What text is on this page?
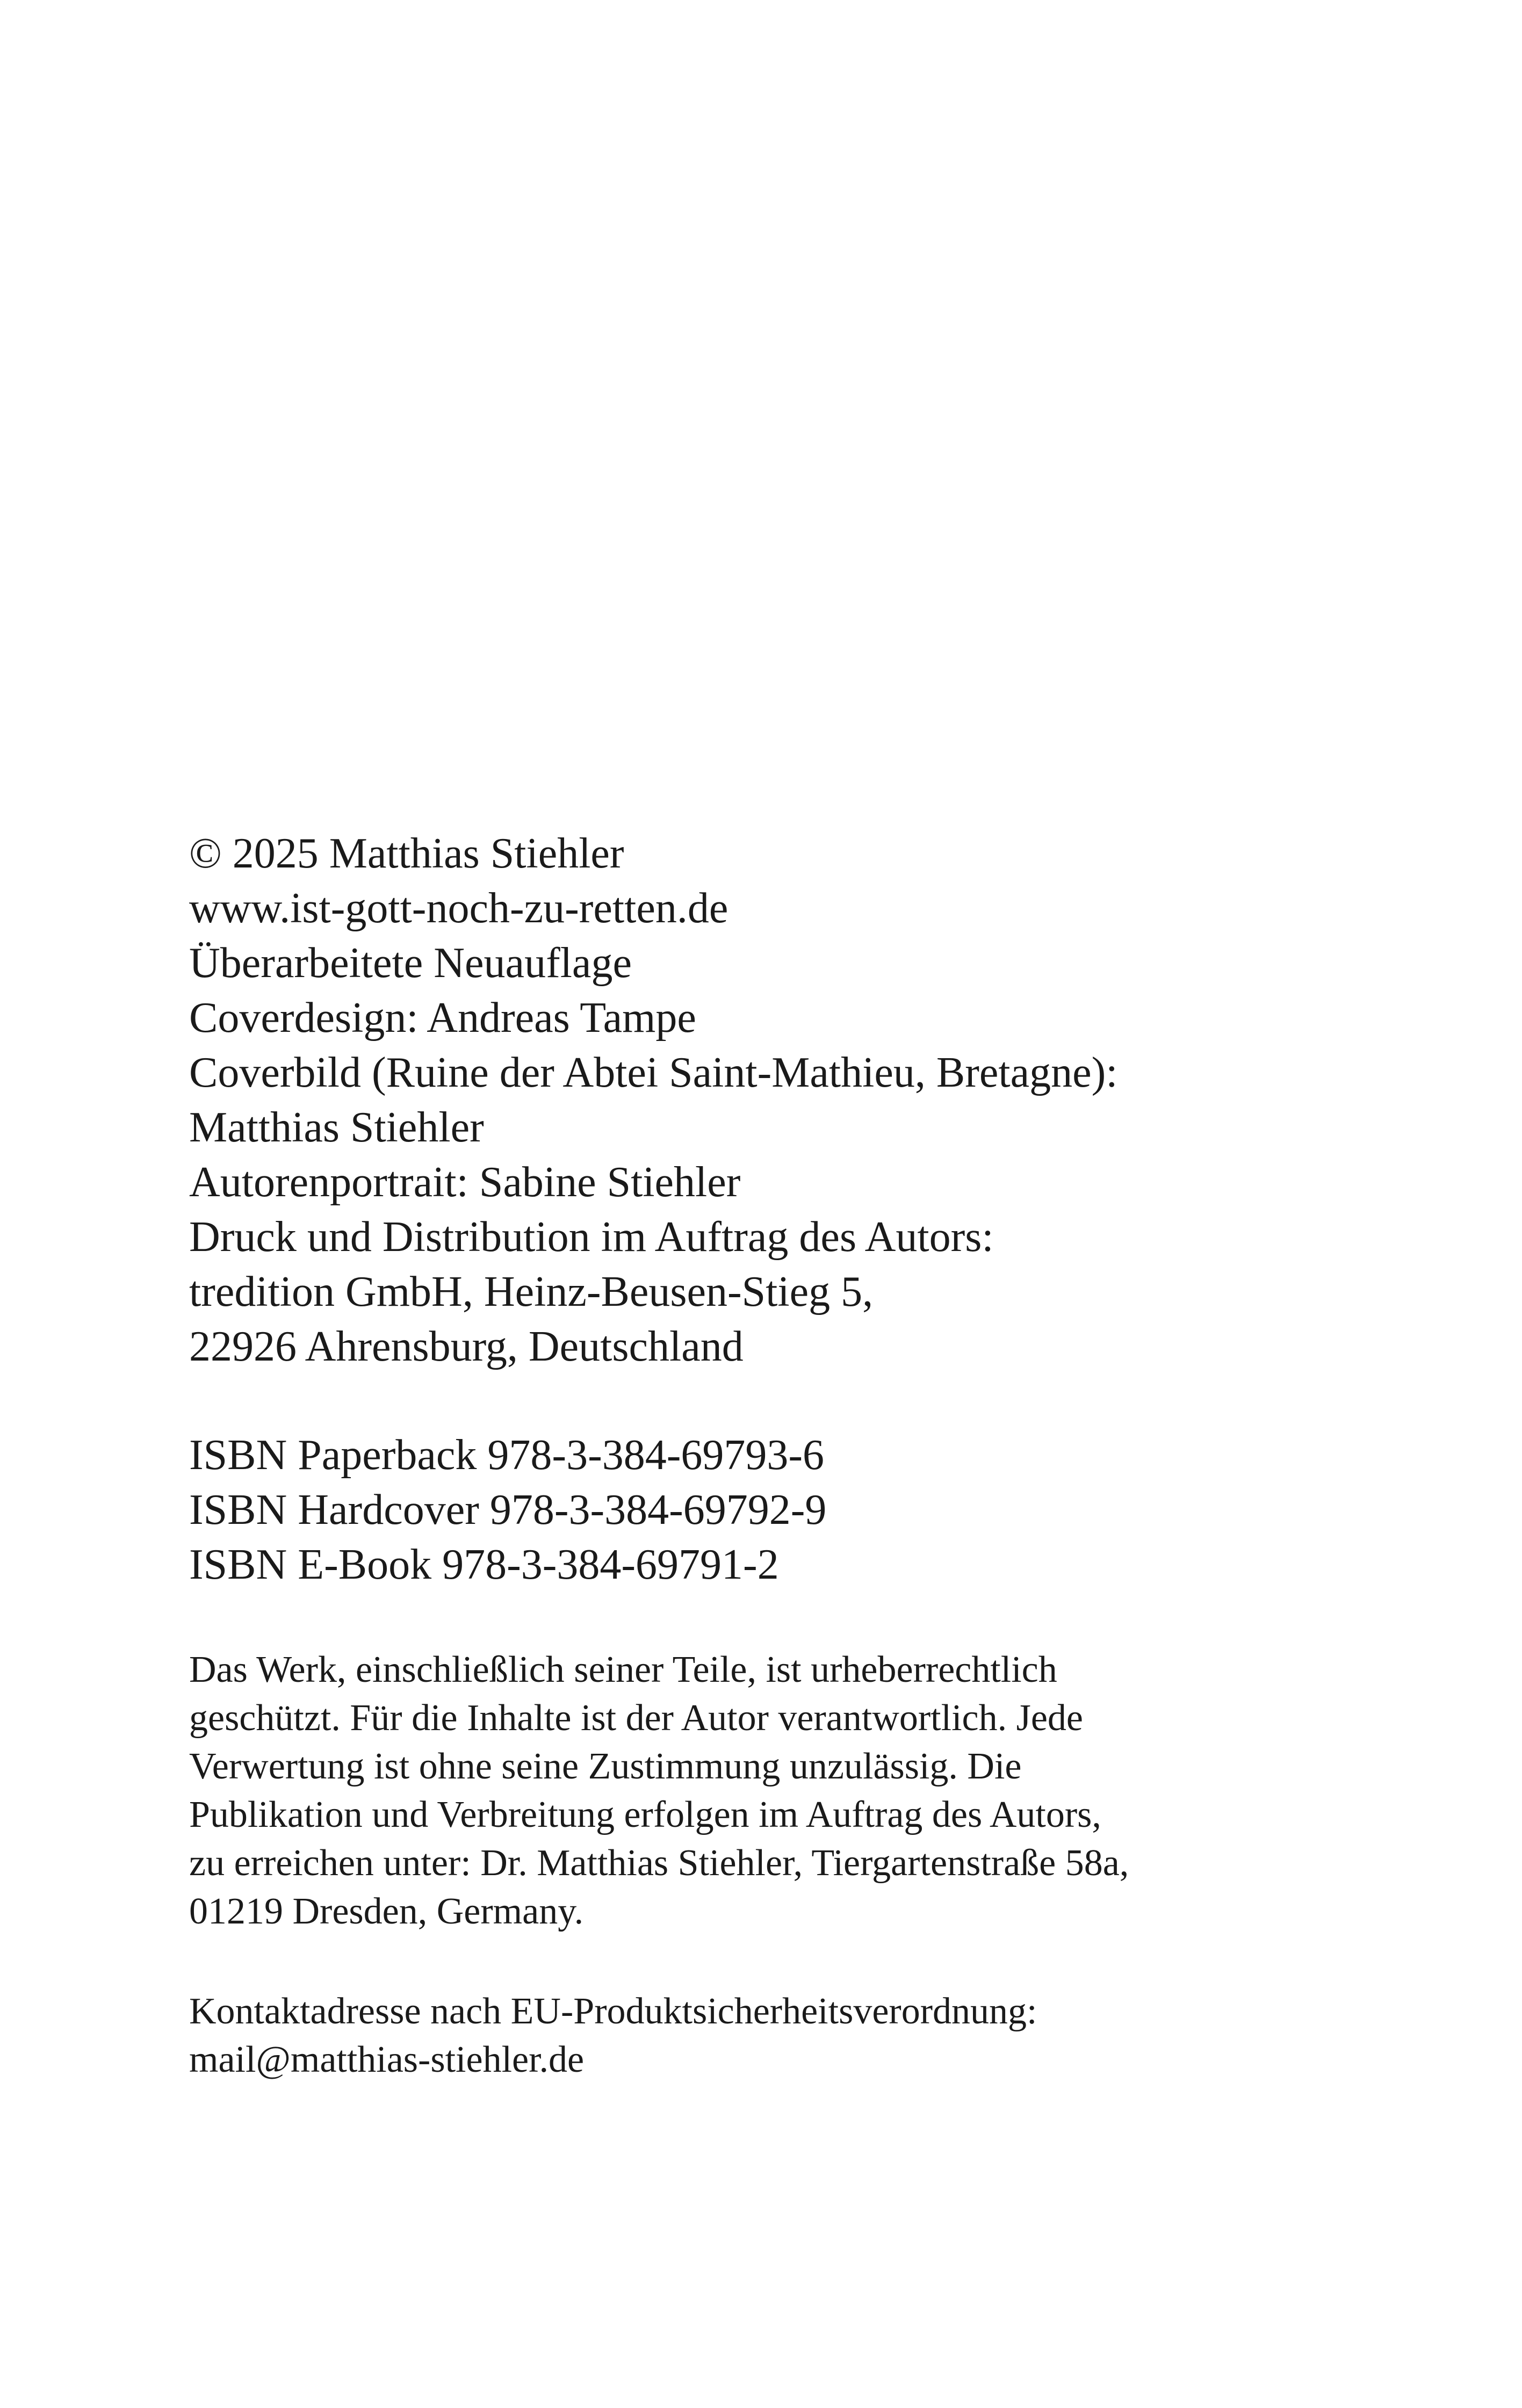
© 2025 Matthias Stiehler
www.ist-gott-noch-zu-retten.de
Überarbeitete Neuauflage
Coverdesign: Andreas Tampe
Coverbild (Ruine der Abtei Saint-Mathieu, Bretagne):
Matthias Stiehler
Autorenportrait: Sabine Stiehler
Druck und Distribution im Auftrag des Autors:
tredition GmbH, Heinz-Beusen-Stieg 5,
22926 Ahrensburg, Deutschland
ISBN Paperback 978-3-384-69793-6
ISBN Hardcover 978-3-384-69792-9
ISBN E-Book 978-3-384-69791-2
Das Werk, einschließlich seiner Teile, ist urheberrechtlich
geschützt. Für die Inhalte ist der Autor verantwortlich. Jede
Verwertung ist ohne seine Zustimmung unzulässig. Die
Publikation und Verbreitung erfolgen im Auftrag des Autors,
zu erreichen unter: Dr. Matthias Stiehler, Tiergartenstraße 58a,
01219 Dresden, Germany.
Kontaktadresse nach EU-Produktsicherheitsverordnung:
mail@matthias-stiehler.de
